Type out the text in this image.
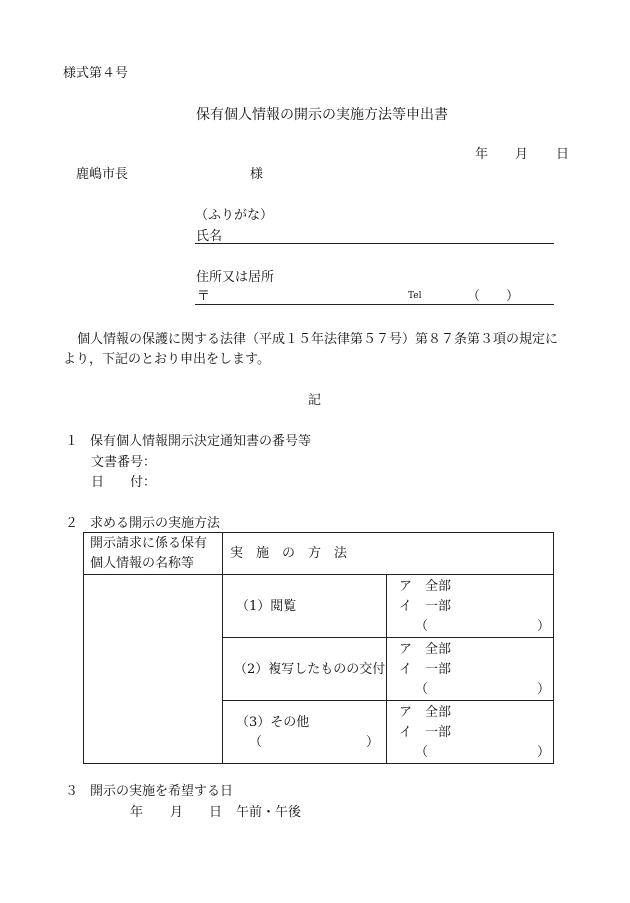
様式第４号
保有個人情報の開示の実施方法等申出書
年 月 日
鹿嶋市長	様
（ふりがな）
氏名
住所又は居所
〒	Tel	（　　）
個人情報の保護に関する法律（平成１５年法律第５７号）第８７条第３項の規定に
より，下記のとおり申出をします。
記
１ 保有個人情報開示決定通知書の番号等
文書番号：
日　　付：
２ 求める開示の実施方法
開示請求に係る保有
個人情報の名称等	実　施　の　方　法	
	（1）閲覧	ア　全部
イ　一部
（ ）

	（2）複写したものの交付	ア　全部
イ　一部
（ ）

	（3）その他
（　　　　　　　　）	ア　全部
イ　一部
（ ）
３ 開示の実施を希望する日
年 月 日 午前・午後
